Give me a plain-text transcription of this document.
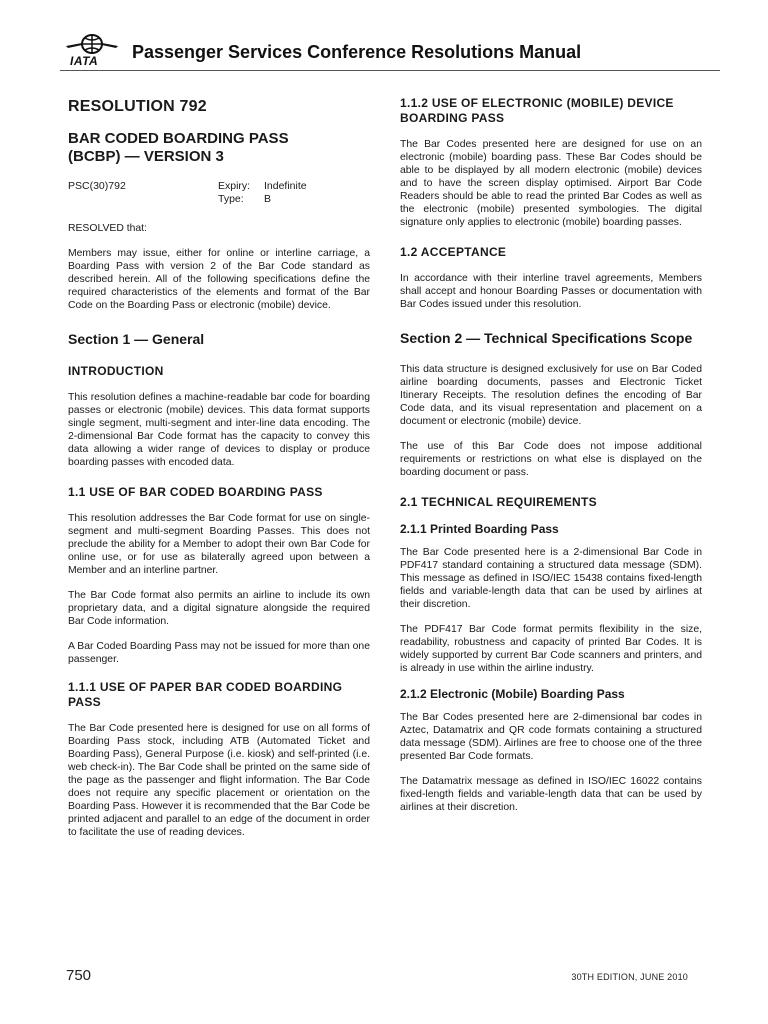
IATA Passenger Services Conference Resolutions Manual
RESOLUTION 792
BAR CODED BOARDING PASS
(BCBP) — VERSION 3
PSC(30)792	Expiry: Indefinite
Type: B

RESOLVED that:

Members may issue, either for online or interline carriage, a Boarding Pass with version 2 of the Bar Code standard as described herein. All of the following specifications define the required characteristics of the elements and format of the Bar Code on the Boarding Pass or electronic (mobile) device.

Section 1 — General
INTRODUCTION

This resolution defines a machine-readable bar code for boarding passes or electronic (mobile) devices. This data format supports single segment, multi-segment and inter-line data encoding. The 2-dimensional Bar Code format has the capacity to convey this data allowing a wider range of devices to display or produce boarding passes with encoded data.

1.1 USE OF BAR CODED BOARDING PASS

This resolution addresses the Bar Code format for use on single-segment and multi-segment Boarding Passes. This does not preclude the ability for a Member to adopt their own Bar Code for online use, or for use as bilaterally agreed upon between a Member and an interline partner.

The Bar Code format also permits an airline to include its own proprietary data, and a digital signature alongside the required Bar Code information.

A Bar Coded Boarding Pass may not be issued for more than one passenger.

1.1.1 USE OF PAPER BAR CODED BOARDING PASS

The Bar Code presented here is designed for use on all forms of Boarding Pass stock, including ATB (Automated Ticket and Boarding Pass), General Purpose (i.e. kiosk) and self-printed (i.e. web check-in). The Bar Code shall be printed on the same side of the page as the passenger and flight information. The Bar Code does not require any specific placement or orientation on the Boarding Pass. However it is recommended that the Bar Code be printed adjacent and parallel to an edge of the document in order to facilitate the use of reading devices.

1.1.2 USE OF ELECTRONIC (MOBILE) DEVICE BOARDING PASS

The Bar Codes presented here are designed for use on an electronic (mobile) boarding pass. These Bar Codes should be able to be displayed by all modern electronic (mobile) devices and to have the screen display optimised. Airport Bar Code Readers should be able to read the printed Bar Codes as well as the electronic (mobile) presented symbologies. The digital signature only applies to electronic (mobile) boarding passes.

1.2 ACCEPTANCE

In accordance with their interline travel agreements, Members shall accept and honour Boarding Passes or documentation with Bar Codes issued under this resolution.

Section 2 — Technical Specifications Scope

This data structure is designed exclusively for use on Bar Coded airline boarding documents, passes and Electronic Ticket Itinerary Receipts. The resolution defines the encoding of Bar Code data, and its visual representation and placement on a document or electronic (mobile) device.

The use of this Bar Code does not impose additional requirements or restrictions on what else is displayed on the boarding document or pass.

2.1 TECHNICAL REQUIREMENTS
2.1.1 Printed Boarding Pass

The Bar Code presented here is a 2-dimensional Bar Code in PDF417 standard containing a structured data message (SDM). This message as defined in ISO/IEC 15438 contains fixed-length fields and variable-length data that can be used by airlines at their discretion.

The PDF417 Bar Code format permits flexibility in the size, readability, robustness and capacity of printed Bar Codes. It is widely supported by current Bar Code scanners and printers, and is already in use within the airline industry.

2.1.2 Electronic (Mobile) Boarding Pass

The Bar Codes presented here are 2-dimensional bar codes in Aztec, Datamatrix and QR code formats containing a structured data message (SDM). Airlines are free to choose one of the three presented Bar Code formats.

The Datamatrix message as defined in ISO/IEC 16022 contains fixed-length fields and variable-length data that can be used by airlines at their discretion.

750	30TH EDITION, JUNE 2010
